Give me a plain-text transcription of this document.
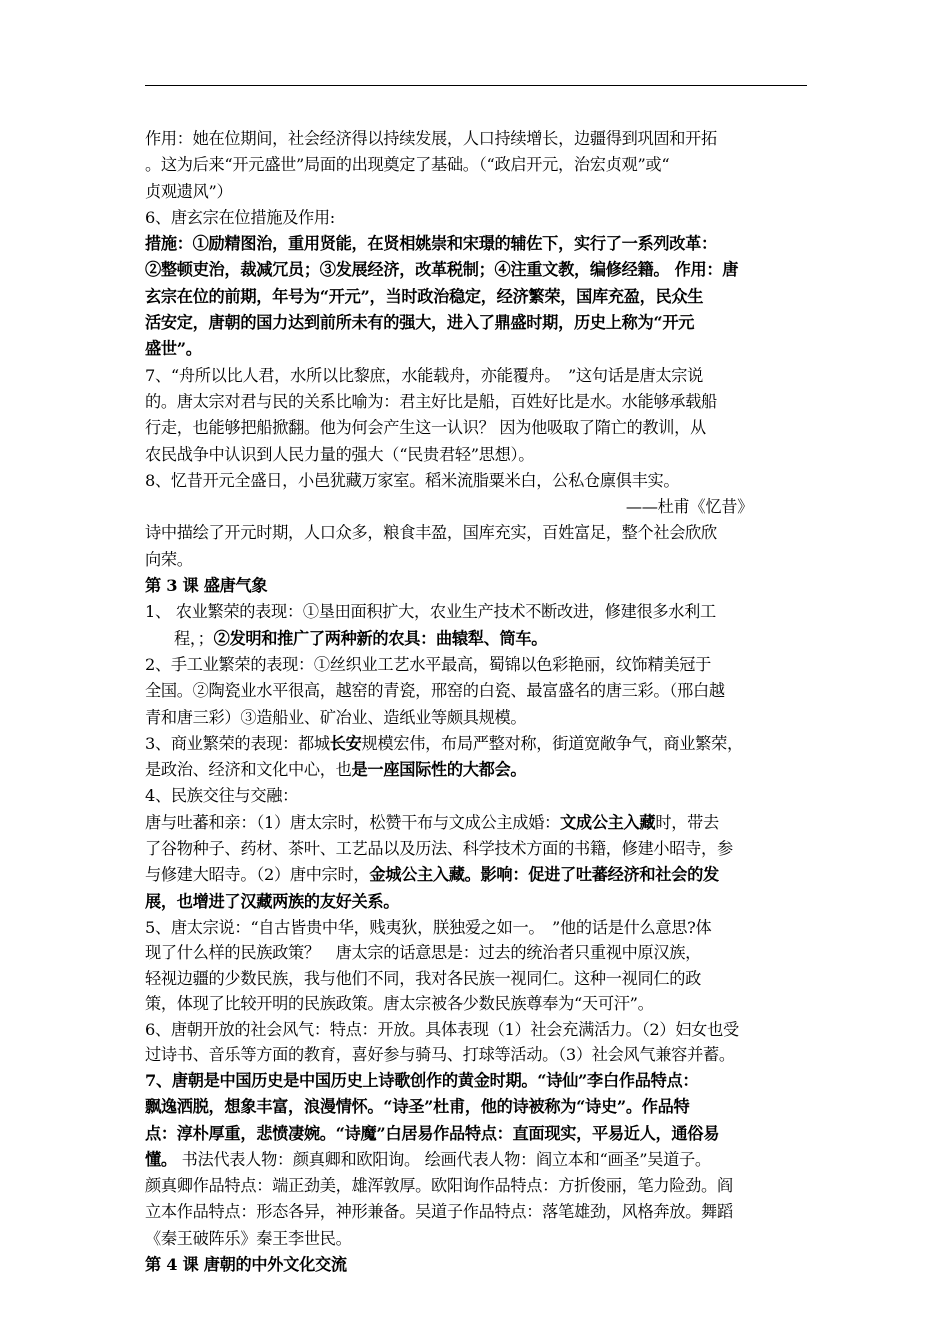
作用：她在位期间，社会经济得以持续发展，人口持续增长，边疆得到巩固和开拓

。这为后来“开元盛世”局面的出现奠定了基础。（“政启开元，治宏贞观”或“

贞观遗风”）

6、唐玄宗在位措施及作用:

措施：①励精图治，重用贤能，在贤相姚崇和宋璟的辅佐下，实行了一系列改革：

②整顿吏治，裁减冗员；③发展经济，改革税制；④注重文教，编修经籍。 作用：唐

玄宗在位的前期，年号为“开元”，当时政治稳定，经济繁荣，国库充盈，民众生

活安定，唐朝的国力达到前所未有的强大，进入了鼎盛时期，历史上称为“开元

盛世”。

7、“舟所以比人君，水所以比黎庶，水能载舟，亦能覆舟。　”这句话是唐太宗说

的。唐太宗对君与民的关系比喻为：君主好比是船，百姓好比是水。水能够承载船

行走，也能够把船掀翻。他为何会产生这一认识？ 因为他吸取了隋亡的教训，从

农民战争中认识到人民力量的强大（“民贵君轻”思想）。

8、忆昔开元全盛日，小邑犹藏万家室。稻米流脂粟米白，公私仓廪俱丰实。

——杜甫《忆昔》

诗中描绘了开元时期，人口众多，粮食丰盈，国库充实，百姓富足，整个社会欣欣

向荣。

第 3 课 盛唐气象

1、 农业繁荣的表现：①垦田面积扩大，农业生产技术不断改进，修建很多水利工

程，；②发明和推广了两种新的农具：曲辕犁、筒车。

2、手工业繁荣的表现：①丝织业工艺水平最高，蜀锦以色彩艳丽，纹饰精美冠于

全国。②陶瓷业水平很高，越窑的青瓷，邢窑的白瓷、最富盛名的唐三彩。（邢白越

青和唐三彩）③造船业、矿冶业、造纸业等颇具规模。

3、商业繁荣的表现：都城长安规模宏伟，布局严整对称，街道宽敞争气，商业繁荣，

是政治、经济和文化中心，也是一座国际性的大都会。

4、民族交往与交融：

唐与吐蕃和亲：（1）唐太宗时，松赞干布与文成公主成婚：文成公主入藏时，带去

了谷物种子、药材、茶叶、工艺品以及历法、科学技术方面的书籍，修建小昭寺，参

与修建大昭寺。（2）唐中宗时，金城公主入藏。影响：促进了吐蕃经济和社会的发

展，也增进了汉藏两族的友好关系。

5、唐太宗说：“自古皆贵中华，贱夷狄，朕独爱之如一。　”他的话是什么意思?体

现了什么样的民族政策？　唐太宗的话意思是：过去的统治者只重视中原汉族，

轻视边疆的少数民族，我与他们不同，我对各民族一视同仁。这种一视同仁的政

策，体现了比较开明的民族政策。唐太宗被各少数民族尊奉为“天可汗”。

6、唐朝开放的社会风气：特点：开放。具体表现（1）社会充满活力。（2）妇女也受

过诗书、音乐等方面的教育，喜好参与骑马、打球等活动。（3）社会风气兼容并蓄。

7、唐朝是中国历史是中国历史上诗歌创作的黄金时期。“诗仙”李白作品特点：

飘逸洒脱，想象丰富，浪漫情怀。“诗圣”杜甫，他的诗被称为“诗史”。作品特

点：淳朴厚重，悲愤凄婉。“诗魔”白居易作品特点：直面现实，平易近人，通俗易

懂。 书法代表人物：颜真卿和欧阳询。 绘画代表人物：阎立本和“画圣”吴道子。

颜真卿作品特点：端正劲美，雄浑敦厚。欧阳询作品特点：方折俊丽，笔力险劲。阎

立本作品特点：形态各异，神形兼备。吴道子作品特点：落笔雄劲，风格奔放。舞蹈

《秦王破阵乐》秦王李世民。

第 4 课 唐朝的中外文化交流
